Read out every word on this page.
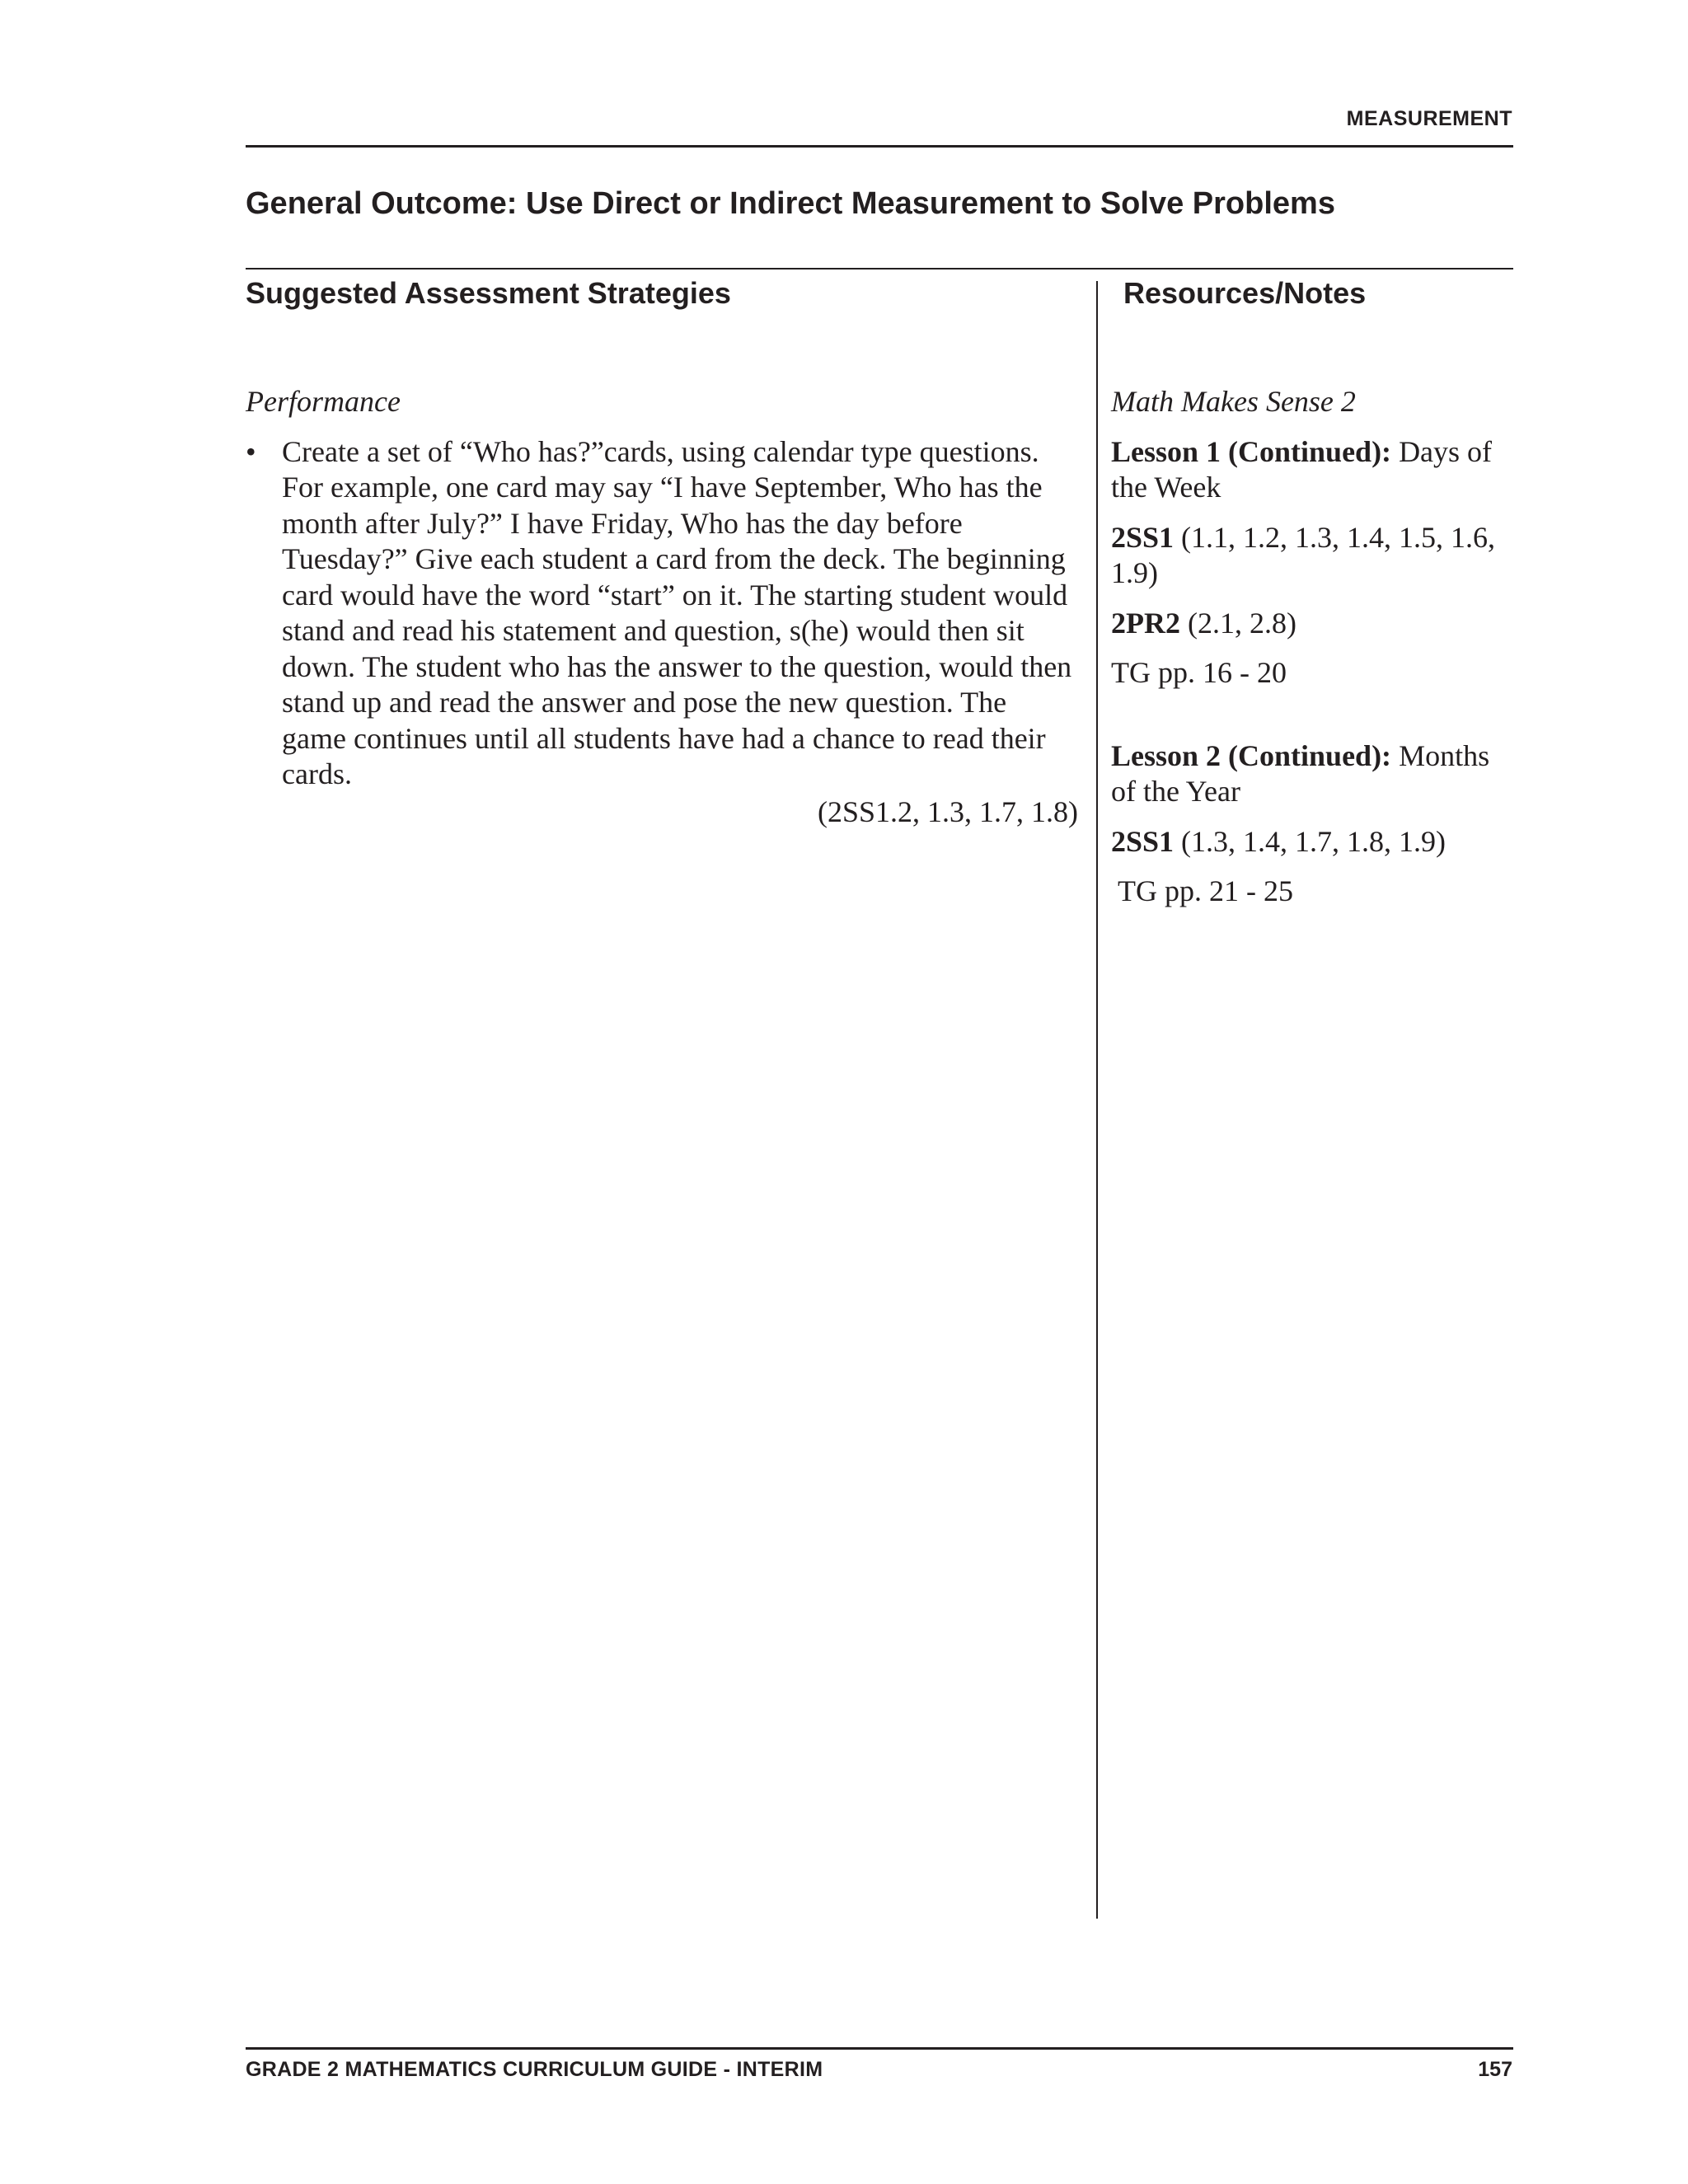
MEASUREMENT
General Outcome: Use Direct or Indirect Measurement to Solve Problems
Suggested Assessment Strategies	Resources/Notes
Performance
• Create a set of “Who has?”cards, using calendar type questions. For example, one card may say “I have September, Who has the month after July?” I have Friday, Who has the day before Tuesday?” Give each student a card from the deck. The beginning card would have the word “start” on it. The starting student would stand and read his statement and question, s(he) would then sit down. The student who has the answer to the question, would then stand up and read the answer and pose the new question. The game continues until all students have had a chance to read their cards.
(2SS1.2, 1.3, 1.7, 1.8)

Math Makes Sense 2

Lesson 1 (Continued): Days of the Week

2SS1 (1.1, 1.2, 1.3, 1.4, 1.5, 1.6, 1.9)

2PR2 (2.1, 2.8)

TG pp. 16 - 20

Lesson 2 (Continued): Months of the Year

2SS1 (1.3, 1.4, 1.7, 1.8, 1.9)

TG pp. 21 - 25

GRADE 2 MATHEMATICS CURRICULUM GUIDE - INTERIM	157
